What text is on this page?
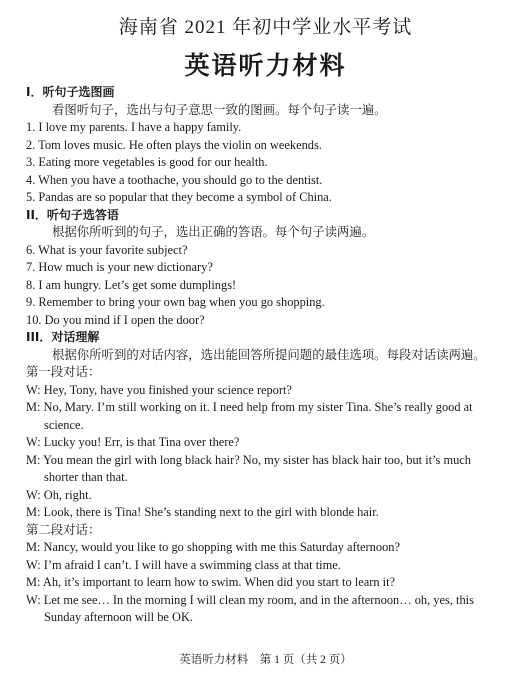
海南省 2021 年初中学业水平考试
英语听力材料
I．听句子选图画
看图听句子，选出与句子意思一致的图画。每个句子读一遍。
1. I love my parents. I have a happy family.
2. Tom loves music. He often plays the violin on weekends.
3. Eating more vegetables is good for our health.
4. When you have a toothache, you should go to the dentist.
5. Pandas are so popular that they become a symbol of China.
II．听句子选答语
根据你所听到的句子，选出正确的答语。每个句子读两遍。
6. What is your favorite subject?
7. How much is your new dictionary?
8. I am hungry. Let’s get some dumplings!
9. Remember to bring your own bag when you go shopping.
10. Do you mind if I open the door?
III．对话理解
根据你所听到的对话内容，选出能回答所提问题的最佳选项。每段对话读两遍。
第一段对话：
W: Hey, Tony, have you finished your science report?
M: No, Mary. I’m still working on it. I need help from my sister Tina. She’s really good at science.
W: Lucky you! Err, is that Tina over there?
M: You mean the girl with long black hair? No, my sister has black hair too, but it’s much shorter than that.
W: Oh, right.
M: Look, there is Tina! She’s standing next to the girl with blonde hair.
第二段对话：
M: Nancy, would you like to go shopping with me this Saturday afternoon?
W: I’m afraid I can’t. I will have a swimming class at that time.
M: Ah, it’s important to learn how to swim. When did you start to learn it?
W: Let me see… In the morning I will clean my room, and in the afternoon… oh, yes, this Sunday afternoon will be OK.
英语听力材料　第 1 页（共 2 页）
